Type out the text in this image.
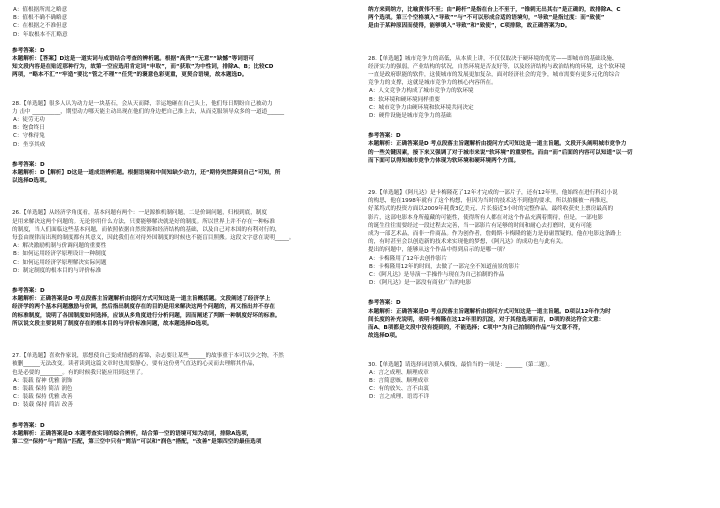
A：值根据所需之略意
B：值根不确不确略意
C：在根据之不准但意
D：年取根本不汇略意
参考答案：D
本题解析：【答案】D这是一道实词与成语结合考查的辨析题。根据“高贵”“无意”“缺憾”等词语可
知文段内容是在贴近那种行为，故第一空应选用肯定词“申取”，而“获取”为中性词，排除A、B；比较CD
两项，“略本不汇”“牢造”要比“管之不理”“任凭”的褒意色彩更重，更契合语境，故本题选D。
28.【单选题】很多人认为动力是一块基石，会从天而降，幸运地砸在自己头上，他们每日期盼自己被动力
力 击中 __________，期望动力哪天能主动出现在他们的身边把自己推上去，从而克服领导众多的一道道______
A：徒劳无功
B：饱食终日
C：守株待兔
D：坐享其成
参考答案：D
本题解析：D【解析】D这是一道成语辨析题。根据语境和中间知缺少动力，还“期待突然降到自己”可知，所
以选择D选项。
26.【单选题】从经济学角度看，基本问题有两个：一是源推机制问题，二是价调问题，归根到底，制度
是用来解决这两个问题的。无论你用什么方法，只要能够解决就是好的制度。所以世界上并不存在一种标准
的制度，当人们面临这些基本问题，而依照依据自然资源和经济结构的基础，以及自己对本国的有利对行的，
每套由规律而出现的制度都有其意义，因此我们在对待外国制度的时候也不能盲目照搬。这段文字意在说明_____。
A：解决激励机制与价调问题的重要性
B：如何运用经济学原理设计一种制度
C：如何运用经济学原理解决实际问题
D：制定制度的根本目的与评价标准
参考答案：D
本题解析：正确答案是D 考点段落主旨题解析由提问方式可知这是一道主旨概括题。文段阐述了经济学上
经济学的两个基本问题激励与价调，然后指出制度存在的目的是用来解决这两个问题的，再又指出并不存在
的标准制度，说明了各国制度如何选择，应该从多角度进行分析问题，因而阐述了判断一种制度好坏的标准。
所以说文段主要说明了制度存在的根本目的与评价标准问题，故本题选择D选项。
27.【单选题】喜欢作家说，那想使自己变成情感的蓄锦，杂志要让某些______的故事重于本可以少之物，不然
被删______无法改变。读者读到这篇文章时也需要静心，要有这份勇气直达的心灵而去理解其作品，
也是必要的________。有的时候我只能应用到这里了。
A：装载 留神 优雅 润饰
B：装载 保持 简洁 润色
C：装载 保持 优雅 改善
D：装载 保持 简洁 改善
参考答案：D
本题解析：正确答案是D 本题考查实词的综合辨析，结合第一空的语境可知为动词，排除A选项，
第二空“保持”与“简洁”匹配，第三空中只有“简洁”可以和“润色”搭配，“改善”是第四空的最佳选项
纳方来到纳方，比喻黄伟不至；由“跨杆”是指在台上不至于，“锥刺无出其右”是正确的，故排除A、C
两个选项。第三个空格填入“导致”“与”不可以形成合适的语境句，“导致”是指过度：而“致使”
是由于某种原因而使得，能够填入“导致”和“致使”，C项排除，故正确答案为D。
28.【单选题】城市竞争力的高低，从本质上讲，不仅仅取决于硬环境的优劣——即城市的基础设施、
经济实力的强弱，产业结构的状况，自然环境是否友好等，以及经济结构与政治结构的环境，这个软环境
一直是政府职能的软件，这使城市的发展更加复杂，面对经济社会的竞争，城市需要有更多元化的综合
竞争力的支撑，这就是城市竞争力的核心内容所在。
A：人文竞争力构成了城市竞争力的软环境
B：软环境和硬环境同样重要
C：城市竞争力由硬环境和软环境共同决定
D：硬件设施是城市竞争力的基础
参考答案：D
本题解析：正确答案是D 考点段落主旨题解析由提问方式可知这是一道主旨题。文段开头阐明城市竞争力
的一些关键因素，接下来又强调了对于城市来说“软环境”的重要性。而由“而”后面的内容可以知道“以一切
而下面可以得知城市竞争力体现为软环境和硬环境两个方面。
29.【单选题】《阿凡达》是卡梅隆花了12年才完成的一部片子，还有12年里，他始终在进行科幻小说
的构思，他在1998年就有了这个构想，但因为当时的技术达不到他的要求，所以拍摄被一再推迟，
好莱坞式的投资方面以2009年耗费3亿美元、片长接近3小时的完整作品，最终收获史上票房最高的
影片，这部电影本身所蕴藏的可能性，使得所有人都在对这个作品充满着期待，但是，一部电影
的诞生往往需要经过一段过程去完善，当一部影片有足够的时间和耐心去打磨时，更有可能
成为一部艺术品，而非一件商品。作为创作者，詹姆斯·卡梅隆的能力是毋庸置疑的，他在电影这条路上
的，有时甚至会以创造新的技术来实现他的梦想，《阿凡达》的成功也与此有关。
提出的问题中，能够从这个作品中得到启示的是哪一项？
A：卡梅隆用了12年去创作影片
B：卡梅隆用12年的时间，去做了一部完全不知道前景的影片
C：《阿凡达》是导演一手操作与现在为自己拍制的作品
D：《阿凡达》是一部没有商业广告的电影
参考答案：D
本题解析：正确答案是D 考点段落主旨题解析由提问方式可知这是一道主旨题。D项以12年作为时
间长度的补充说明，表明卡梅隆在这12年里的沉淀，对于其他选项而言，D项的表达符合文意：
而A、B项都是文段中没有提到的，不能选择；C项中“为自己拍制的作品”与文意不符，
故选择D项。
30.【单选题】请选择词语填入横线，最恰当的一项是：______（第二题）。
A：言之成理、顺理成章
B：言简意赅、顺理成章
C：有的放矢、言不由衷
D：言之成理、语焉不详
